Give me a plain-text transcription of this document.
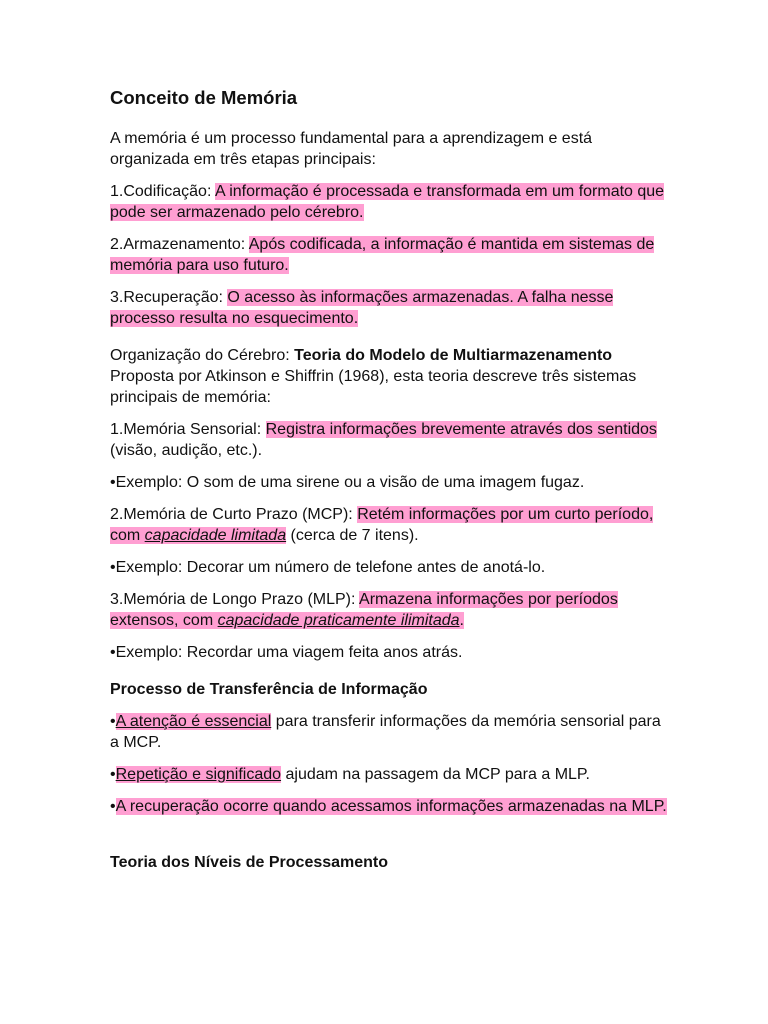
Conceito de Memória

A memória é um processo fundamental para a aprendizagem e está organizada em três etapas principais:

1.Codificação: A informação é processada e transformada em um formato que pode ser armazenado pelo cérebro.

2.Armazenamento: Após codificada, a informação é mantida em sistemas de memória para uso futuro.

3.Recuperação: O acesso às informações armazenadas. A falha nesse processo resulta no esquecimento.

Organização do Cérebro: Teoria do Modelo de Multiarmazenamento
Proposta por Atkinson e Shiffrin (1968), esta teoria descreve três sistemas principais de memória:

1.Memória Sensorial: Registra informações brevemente através dos sentidos (visão, audição, etc.).

•Exemplo: O som de uma sirene ou a visão de uma imagem fugaz.

2.Memória de Curto Prazo (MCP): Retém informações por um curto período, com capacidade limitada (cerca de 7 itens).

•Exemplo: Decorar um número de telefone antes de anotá-lo.

3.Memória de Longo Prazo (MLP): Armazena informações por períodos extensos, com capacidade praticamente ilimitada.

•Exemplo: Recordar uma viagem feita anos atrás.

Processo de Transferência de Informação

•A atenção é essencial para transferir informações da memória sensorial para a MCP.

•Repetição e significado ajudam na passagem da MCP para a MLP.

•A recuperação ocorre quando acessamos informações armazenadas na MLP.

Teoria dos Níveis de Processamento
